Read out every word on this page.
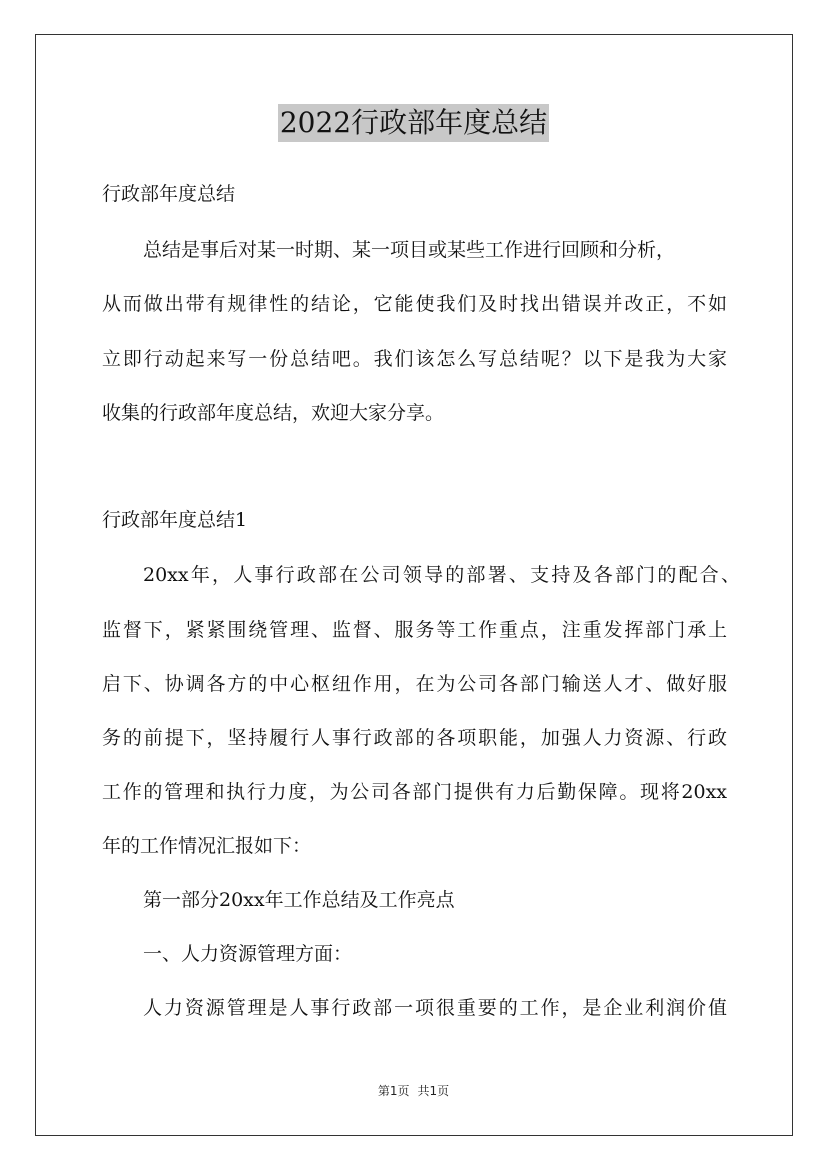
2022行政部年度总结
行政部年度总结
总结是事后对某一时期、某一项目或某些工作进行回顾和分析，
从而做出带有规律性的结论，它能使我们及时找出错误并改正，不如
立即行动起来写一份总结吧。我们该怎么写总结呢？以下是我为大家
收集的行政部年度总结，欢迎大家分享。
行政部年度总结1
20xx年，人事行政部在公司领导的部署、支持及各部门的配合、
监督下，紧紧围绕管理、监督、服务等工作重点，注重发挥部门承上
启下、协调各方的中心枢纽作用，在为公司各部门输送人才、做好服
务的前提下，坚持履行人事行政部的各项职能，加强人力资源、行政
工作的管理和执行力度，为公司各部门提供有力后勤保障。现将20xx
年的工作情况汇报如下：
第一部分20xx年工作总结及工作亮点
一、人力资源管理方面：
人力资源管理是人事行政部一项很重要的工作，是企业利润价值
第1页 共1页
